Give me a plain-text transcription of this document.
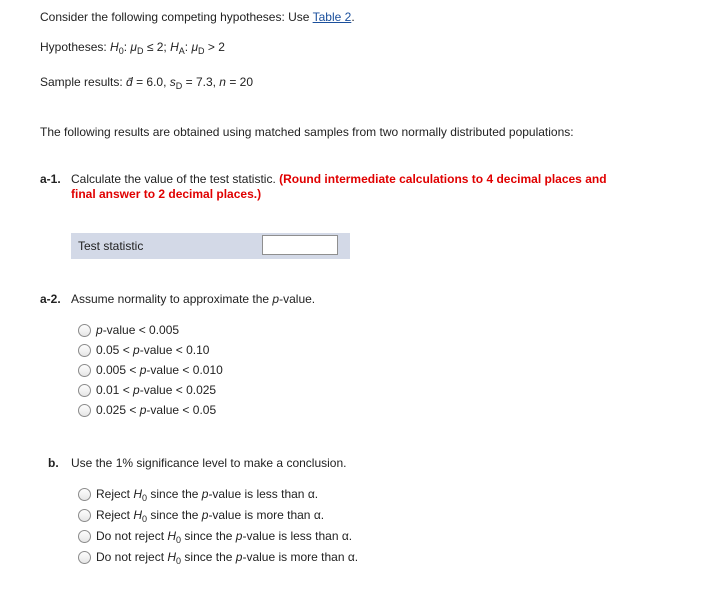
Consider the following competing hypotheses: Use Table 2.
Hypotheses: $H_0$: $\mu_D \le 2$; $H_A$: $\mu_D > 2$
Sample results: d̄ = 6.0, $s_D = 7.3$, n = 20
The following results are obtained using matched samples from two normally distributed populations:
a-1. Calculate the value of the test statistic. (Round intermediate calculations to 4 decimal places and
final answer to 2 decimal places.)
Test statistic
a-2. Assume normality to approximate the p-value.
p-value < 0.005
0.05 < p-value < 0.10
0.005 < p-value < 0.010
0.01 < p-value < 0.025
0.025 < p-value < 0.05
b. Use the 1% significance level to make a conclusion.
Reject $H_0$ since the p-value is less than α.
Reject $H_0$ since the p-value is more than α.
Do not reject $H_0$ since the p-value is less than α.
Do not reject $H_0$ since the p-value is more than α.
